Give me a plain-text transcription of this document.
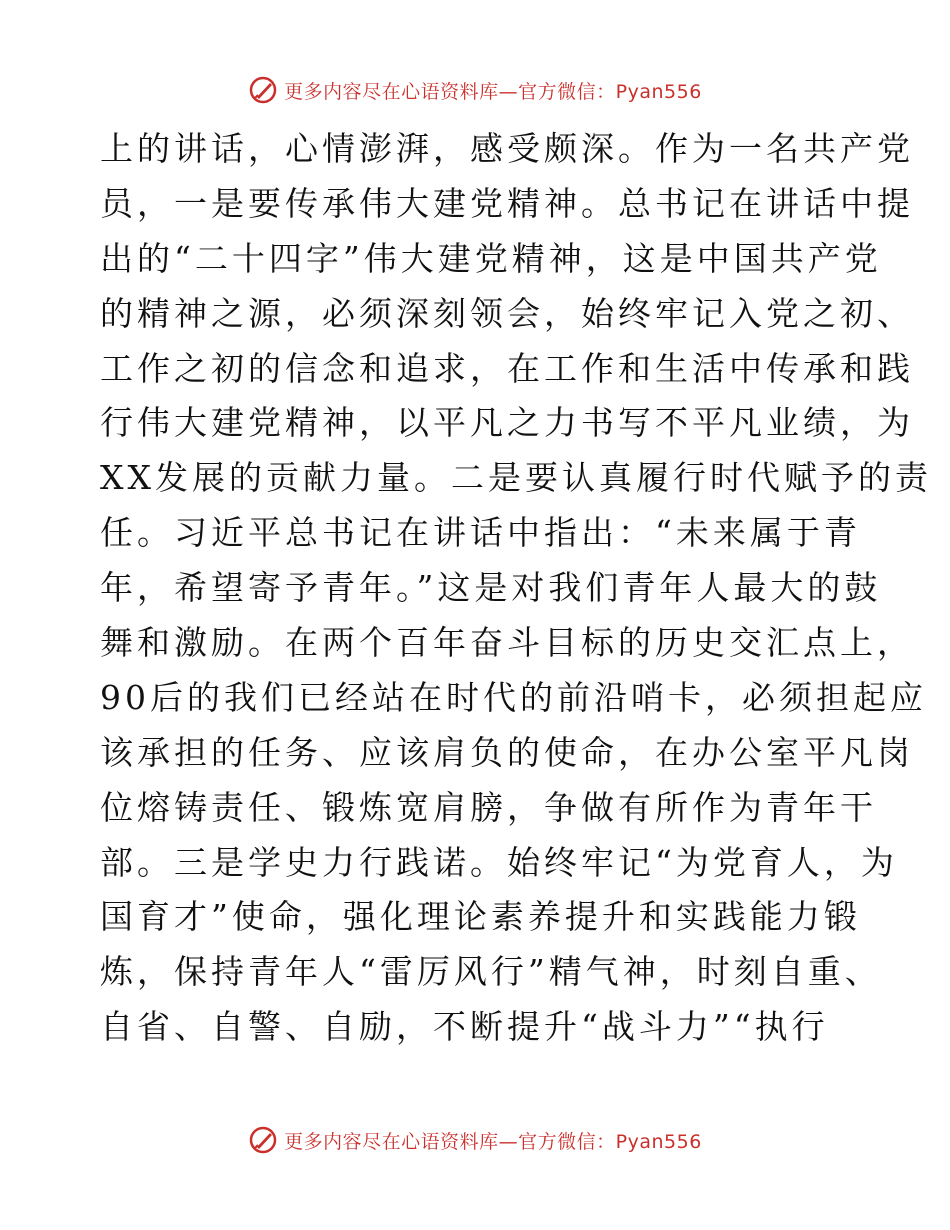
更多内容尽在心语资料库—官方微信：Pyan556
上的讲话，心情澎湃，感受颇深。作为一名共产党
员，一是要传承伟大建党精神。总书记在讲话中提
出的“二十四字”伟大建党精神，这是中国共产党
的精神之源，必须深刻领会，始终牢记入党之初、
工作之初的信念和追求，在工作和生活中传承和践
行伟大建党精神，以平凡之力书写不平凡业绩，为
XX发展的贡献力量。二是要认真履行时代赋予的责
任。习近平总书记在讲话中指出：“未来属于青
年，希望寄予青年。”这是对我们青年人最大的鼓
舞和激励。在两个百年奋斗目标的历史交汇点上，
90后的我们已经站在时代的前沿哨卡，必须担起应
该承担的任务、应该肩负的使命，在办公室平凡岗
位熔铸责任、锻炼宽肩膀，争做有所作为青年干
部。三是学史力行践诺。始终牢记“为党育人，为
国育才”使命，强化理论素养提升和实践能力锻
炼，保持青年人“雷厉风行”精气神，时刻自重、
自省、自警、自励，不断提升“战斗力”“执行
更多内容尽在心语资料库—官方微信：Pyan556
